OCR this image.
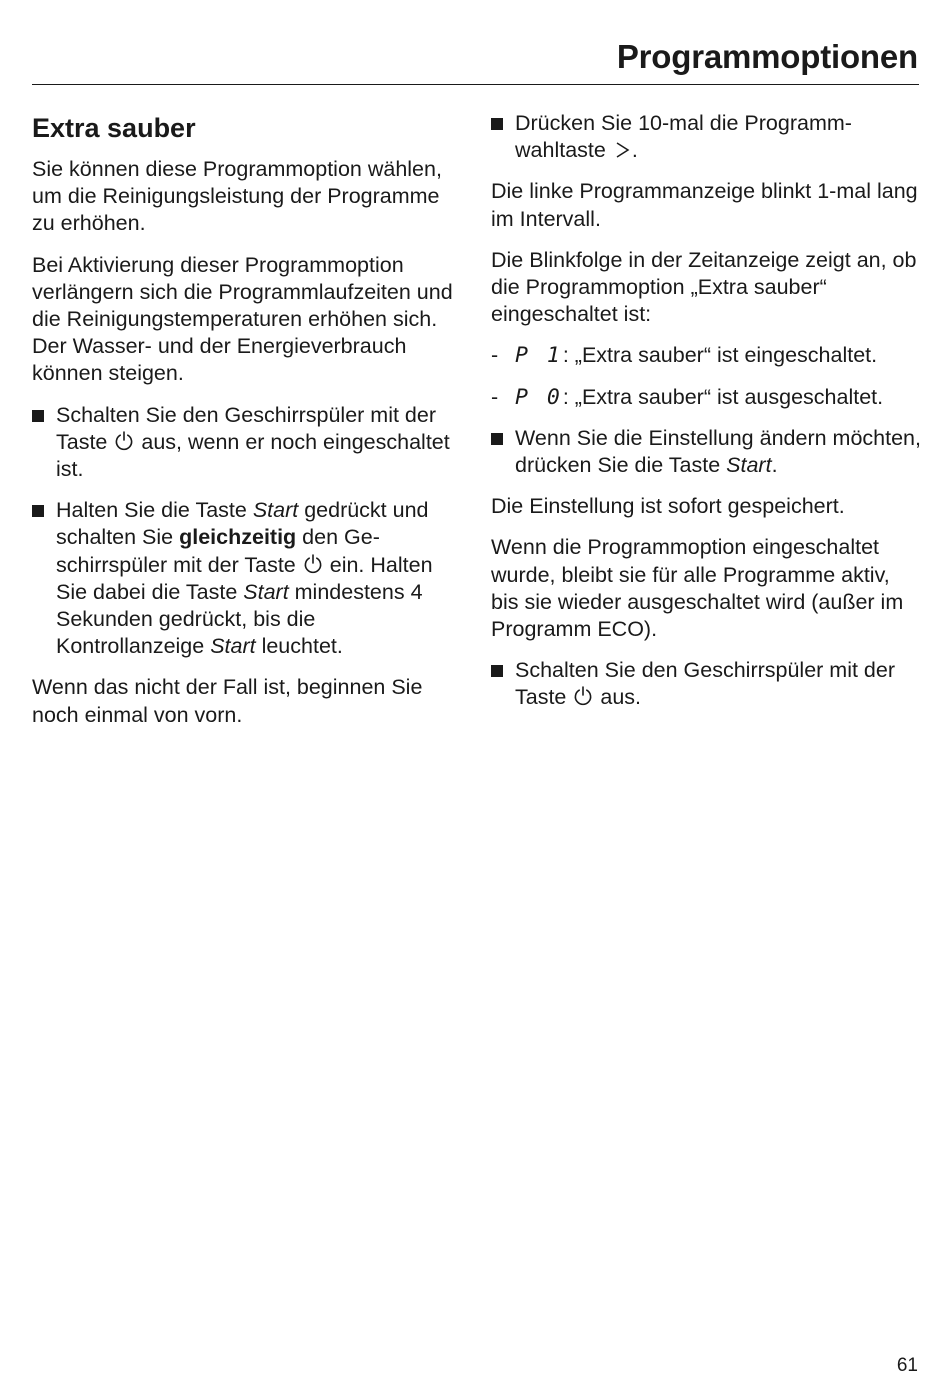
Programmoptionen
Extra sauber

Sie können diese Programmoption wählen, um die Reinigungsleistung der Programme zu erhöhen.

Bei Aktivierung dieser Programmoption verlängern sich die Programmlaufzeiten und die Reinigungstemperaturen erhöhen sich. Der Wasser- und der Energieverbrauch können steigen.

Schalten Sie den Geschirrspüler mit der Taste aus, wenn er noch eingeschaltet ist.
Halten Sie die Taste Start gedrückt und schalten Sie gleichzeitig den Geschirrspüler mit der Taste ein. Halten Sie dabei die Taste Start mindestens 4 Sekunden gedrückt, bis die Kontrollanzeige Start leuchtet.

Wenn das nicht der Fall ist, beginnen Sie noch einmal von vorn.

Drücken Sie 10-mal die Programmwahltaste .

Die linke Programmanzeige blinkt 1-mal lang im Intervall.

Die Blinkfolge in der Zeitanzeige zeigt an, ob die Programmoption „Extra sauber“ eingeschaltet ist:

- P 1: „Extra sauber“ ist eingeschaltet.
- P 0: „Extra sauber“ ist ausgeschaltet.
Wenn Sie die Einstellung ändern möchten, drücken Sie die Taste Start.

Die Einstellung ist sofort gespeichert.

Wenn die Programmoption eingeschaltet wurde, bleibt sie für alle Programme aktiv, bis sie wieder ausgeschaltet wird (außer im Programm ECO).

Schalten Sie den Geschirrspüler mit der Taste aus.
61
